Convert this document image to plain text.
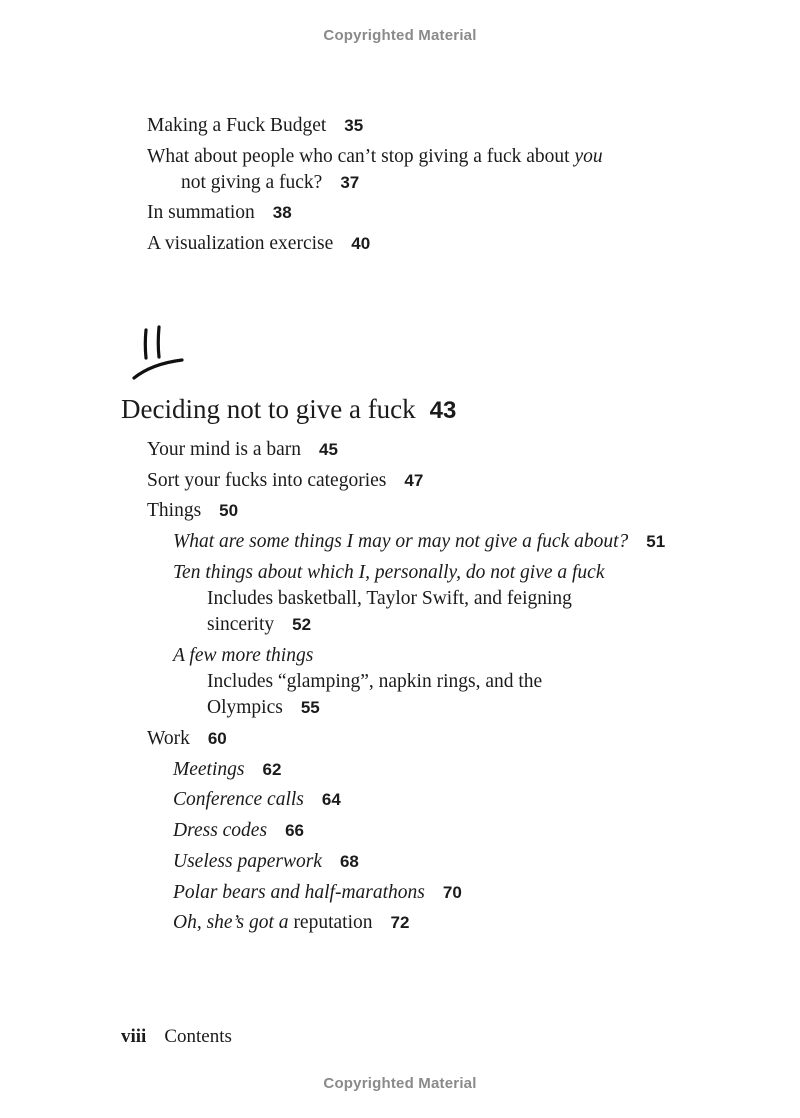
Copyrighted Material
Making a Fuck Budget 35
What about people who can’t stop giving a fuck about you
not giving a fuck? 37
In summation 38
A visualization exercise 40
Deciding not to give a fuck 43
Your mind is a barn 45
Sort your fucks into categories 47
Things 50
What are some things I may or may not give a fuck about? 51
Ten things about which I, personally, do not give a fuck
Includes basketball, Taylor Swift, and feigning
sincerity 52
A few more things
Includes “glamping”, napkin rings, and the
Olympics 55
Work 60
Meetings 62
Conference calls 64
Dress codes 66
Useless paperwork 68
Polar bears and half-marathons 70
Oh, she’s got a reputation 72
viii Contents
Copyrighted Material
